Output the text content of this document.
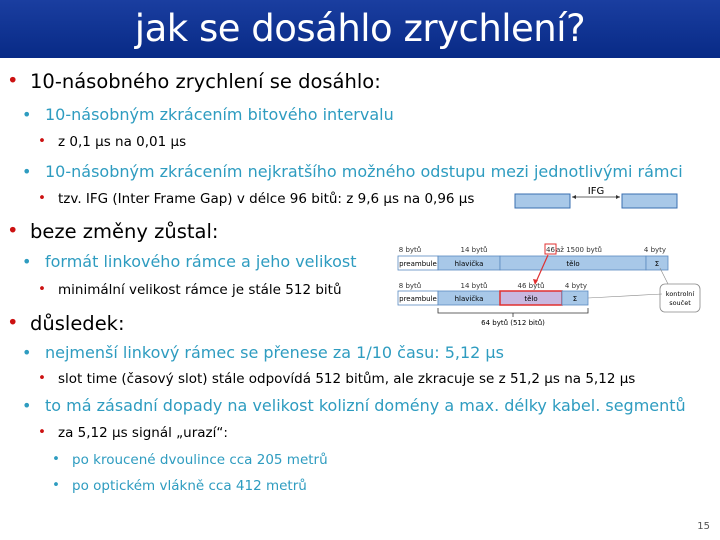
jak se dosáhlo zrychlení?
• 10-násobného zrychlení se dosáhlo:
• 10-násobným zkrácením bitového intervalu
• z 0,1 μs na 0,01 μs
• 10-násobným zkrácením nejkratšího možného odstupu mezi jednotlivými rámci
• tzv. IFG (Inter Frame Gap) v délce 96 bitů: z 9,6 μs na 0,96 μs
• beze změny zůstal:
• formát linkového rámce a jeho velikost
• minimální velikost rámce je stále 512 bitů
• důsledek:
• nejmenší linkový rámec se přenese za 1/10 času: 5,12 μs
• slot time (časový slot) stále odpovídá 512 bitům, ale zkracuje se z 51,2 μs na 5,12 μs
• to má zásadní dopady na velikost kolizní domény a max. délky kabel. segmentů
• za 5,12 μs signál „urazí“:
• po kroucené dvoulince cca 205 metrů
• po optickém vlákně cca 412 metrů
IFG
8 bytů	14 bytů	46 až 1500 bytů	4 byty
preambule	hlavička	tělo	Σ
8 bytů	14 bytů	46 bytů	4 byty
preambule	hlavička	tělo	Σ
kontrolní
součet
64 bytů (512 bitů)
15
